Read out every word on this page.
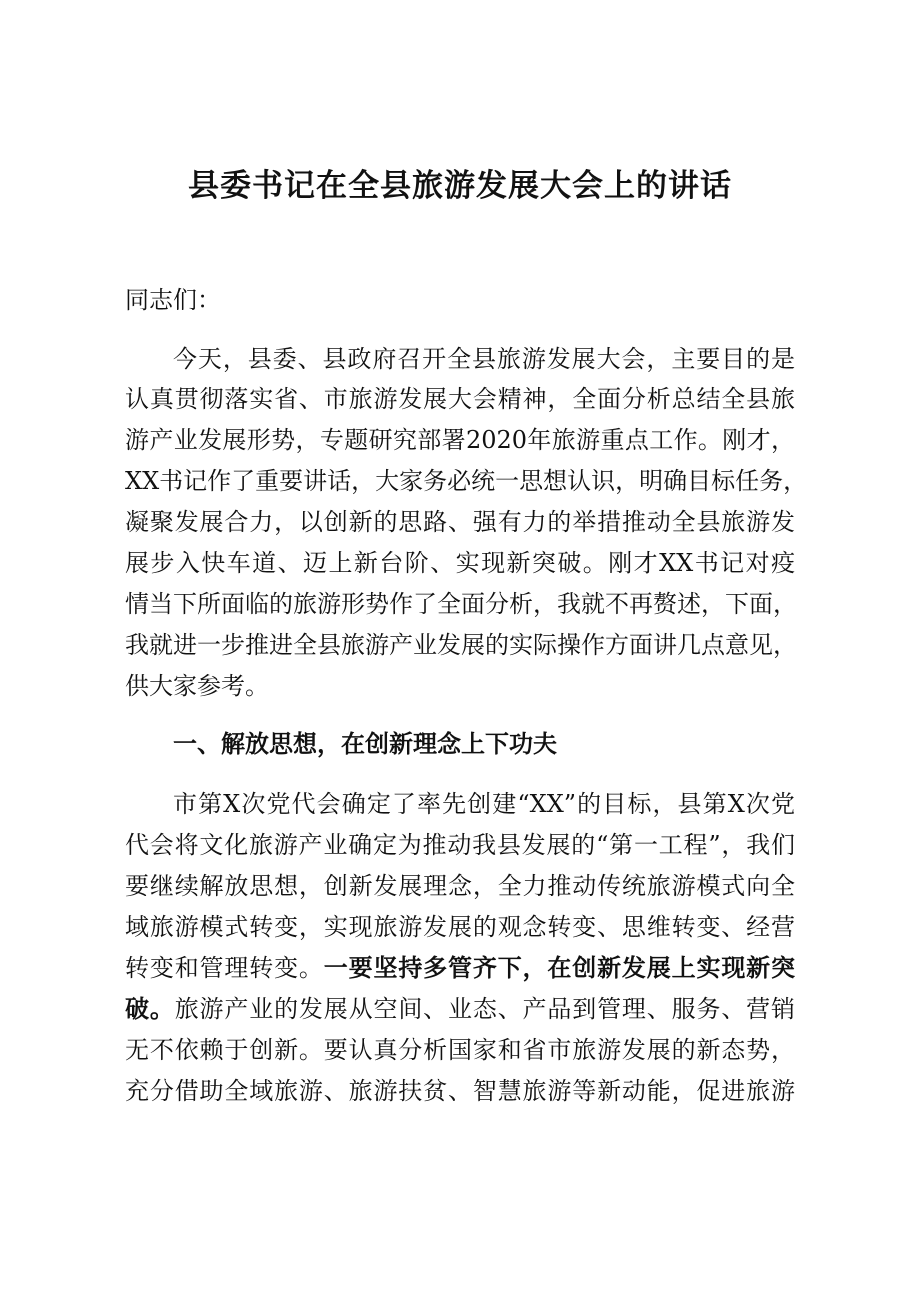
县委书记在全县旅游发展大会上的讲话
同志们：
今天，县委、县政府召开全县旅游发展大会，主要目的是
认真贯彻落实省、市旅游发展大会精神，全面分析总结全县旅
游产业发展形势，专题研究部署2020年旅游重点工作。刚才，
XX书记作了重要讲话，大家务必统一思想认识，明确目标任务，
凝聚发展合力，以创新的思路、强有力的举措推动全县旅游发
展步入快车道、迈上新台阶、实现新突破。刚才XX书记对疫
情当下所面临的旅游形势作了全面分析，我就不再赘述，下面，
我就进一步推进全县旅游产业发展的实际操作方面讲几点意见，
供大家参考。
一、解放思想，在创新理念上下功夫
市第X次党代会确定了率先创建“XX”的目标，县第X次党
代会将文化旅游产业确定为推动我县发展的“第一工程”，我们
要继续解放思想，创新发展理念，全力推动传统旅游模式向全
域旅游模式转变，实现旅游发展的观念转变、思维转变、经营
转变和管理转变。一要坚持多管齐下，在创新发展上实现新突
破。旅游产业的发展从空间、业态、产品到管理、服务、营销
无不依赖于创新。要认真分析国家和省市旅游发展的新态势，
充分借助全域旅游、旅游扶贫、智慧旅游等新动能，促进旅游
